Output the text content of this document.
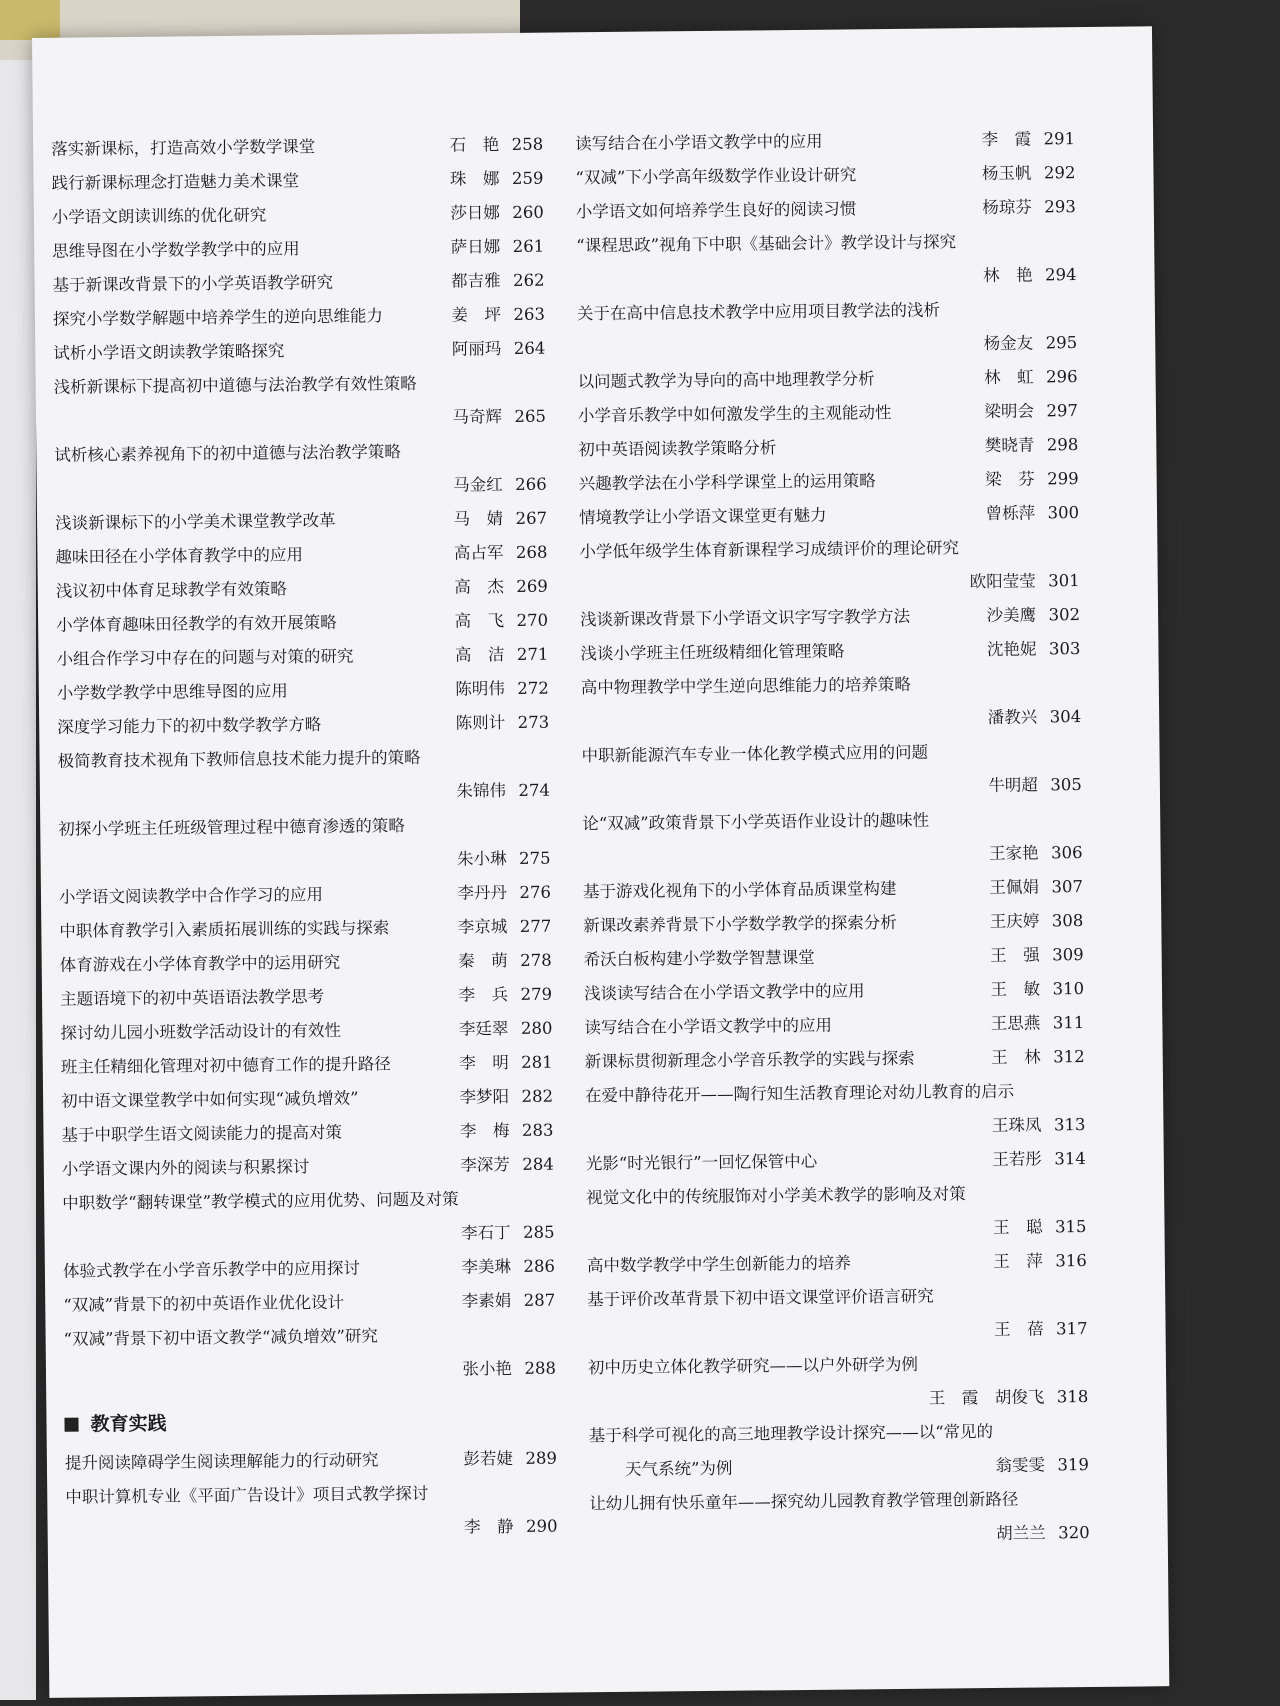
落实新课标，打造高效小学数学课堂	石　艳 258
践行新课标理念打造魅力美术课堂	珠　娜 259
小学语文朗读训练的优化研究	莎日娜 260
思维导图在小学数学教学中的应用	萨日娜 261
基于新课改背景下的小学英语教学研究	都吉雅 262
探究小学数学解题中培养学生的逆向思维能力	姜　坪 263
试析小学语文朗读教学策略探究	阿丽玛 264
浅析新课标下提高初中道德与法治教学有效性策略
马奇辉 265
试析核心素养视角下的初中道德与法治教学策略
马金红 266
浅谈新课标下的小学美术课堂教学改革	马　婧 267
趣味田径在小学体育教学中的应用	高占军 268
浅议初中体育足球教学有效策略	高　杰 269
小学体育趣味田径教学的有效开展策略	高　飞 270
小组合作学习中存在的问题与对策的研究	高　洁 271
小学数学教学中思维导图的应用	陈明伟 272
深度学习能力下的初中数学教学方略	陈则计 273
极简教育技术视角下教师信息技术能力提升的策略
朱锦伟 274
初探小学班主任班级管理过程中德育渗透的策略
朱小琳 275
小学语文阅读教学中合作学习的应用	李丹丹 276
中职体育教学引入素质拓展训练的实践与探索	李京城 277
体育游戏在小学体育教学中的运用研究	秦　萌 278
主题语境下的初中英语语法教学思考	李　兵 279
探讨幼儿园小班数学活动设计的有效性	李廷翠 280
班主任精细化管理对初中德育工作的提升路径	李　明 281
初中语文课堂教学中如何实现“减负增效”	李梦阳 282
基于中职学生语文阅读能力的提高对策	李　梅 283
小学语文课内外的阅读与积累探讨	李深芳 284
中职数学“翻转课堂”教学模式的应用优势、问题及对策
李石丁 285
体验式教学在小学音乐教学中的应用探讨	李美琳 286
“双减”背景下的初中英语作业优化设计	李素娟 287
“双减”背景下初中语文教学“减负增效”研究
张小艳 288
教育实践
提升阅读障碍学生阅读理解能力的行动研究	彭若婕 289
中职计算机专业《平面广告设计》项目式教学探讨
李　静 290
读写结合在小学语文教学中的应用	李　霞 291
“双减”下小学高年级数学作业设计研究	杨玉帆 292
小学语文如何培养学生良好的阅读习惯	杨琼芬 293
“课程思政”视角下中职《基础会计》教学设计与探究
林　艳 294
关于在高中信息技术教学中应用项目教学法的浅析
杨金友 295
以问题式教学为导向的高中地理教学分析	林　虹 296
小学音乐教学中如何激发学生的主观能动性	梁明会 297
初中英语阅读教学策略分析	樊晓青 298
兴趣教学法在小学科学课堂上的运用策略	梁　芬 299
情境教学让小学语文课堂更有魅力	曾栎萍 300
小学低年级学生体育新课程学习成绩评价的理论研究
欧阳莹莹 301
浅谈新课改背景下小学语文识字写字教学方法	沙美鹰 302
浅谈小学班主任班级精细化管理策略	沈艳妮 303
高中物理教学中学生逆向思维能力的培养策略
潘教兴 304
中职新能源汽车专业一体化教学模式应用的问题
牛明超 305
论“双减”政策背景下小学英语作业设计的趣味性
王家艳 306
基于游戏化视角下的小学体育品质课堂构建	王佩娟 307
新课改素养背景下小学数学教学的探索分析	王庆婷 308
希沃白板构建小学数学智慧课堂	王　强 309
浅谈读写结合在小学语文教学中的应用	王　敏 310
读写结合在小学语文教学中的应用	王思燕 311
新课标贯彻新理念小学音乐教学的实践与探索	王　林 312
在爱中静待花开——陶行知生活教育理论对幼儿教育的启示
王珠凤 313
光影“时光银行”一回忆保管中心	王若彤 314
视觉文化中的传统服饰对小学美术教学的影响及对策
王　聪 315
高中数学教学中学生创新能力的培养	王　萍 316
基于评价改革背景下初中语文课堂评价语言研究
王　蓓 317
初中历史立体化教学研究——以户外研学为例
王　霞　胡俊飞 318
基于科学可视化的高三地理教学设计探究——以“常见的
天气系统”为例	翁雯雯 319
让幼儿拥有快乐童年——探究幼儿园教育教学管理创新路径
胡兰兰 320
